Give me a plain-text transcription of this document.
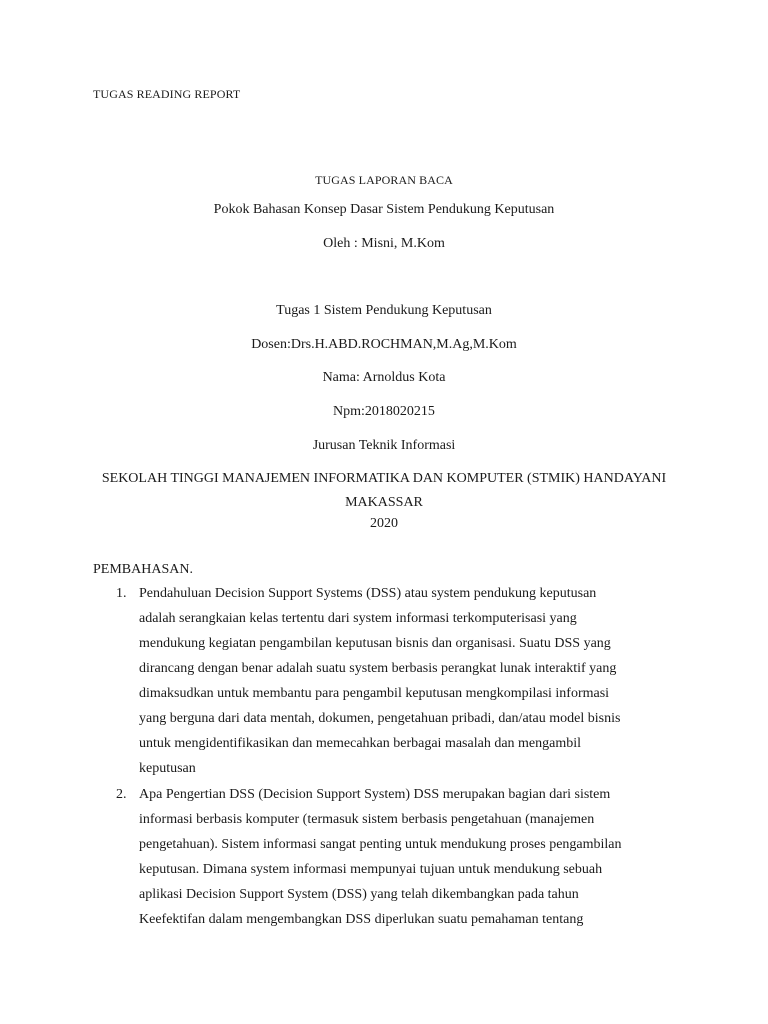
TUGAS READING REPORT
TUGAS LAPORAN BACA
Pokok Bahasan Konsep Dasar Sistem Pendukung Keputusan
Oleh : Misni, M.Kom
Tugas 1 Sistem Pendukung Keputusan
Dosen:Drs.H.ABD.ROCHMAN,M.Ag,M.Kom
Nama: Arnoldus Kota
Npm:2018020215
Jurusan Teknik Informasi
SEKOLAH TINGGI MANAJEMEN INFORMATIKA DAN KOMPUTER (STMIK) HANDAYANI
MAKASSAR
2020
PEMBAHASAN.
1. Pendahuluan Decision Support Systems (DSS) atau system pendukung keputusan
adalah serangkaian kelas tertentu dari system informasi terkomputerisasi yang
mendukung kegiatan pengambilan keputusan bisnis dan organisasi. Suatu DSS yang
dirancang dengan benar adalah suatu system berbasis perangkat lunak interaktif yang
dimaksudkan untuk membantu para pengambil keputusan mengkompilasi informasi
yang berguna dari data mentah, dokumen, pengetahuan pribadi, dan/atau model bisnis
untuk mengidentifikasikan dan memecahkan berbagai masalah dan mengambil
keputusan
2. Apa Pengertian DSS (Decision Support System) DSS merupakan bagian dari sistem
informasi berbasis komputer (termasuk sistem berbasis pengetahuan (manajemen
pengetahuan). Sistem informasi sangat penting untuk mendukung proses pengambilan
keputusan. Dimana system informasi mempunyai tujuan untuk mendukung sebuah
aplikasi Decision Support System (DSS) yang telah dikembangkan pada tahun
Keefektifan dalam mengembangkan DSS diperlukan suatu pemahaman tentang
